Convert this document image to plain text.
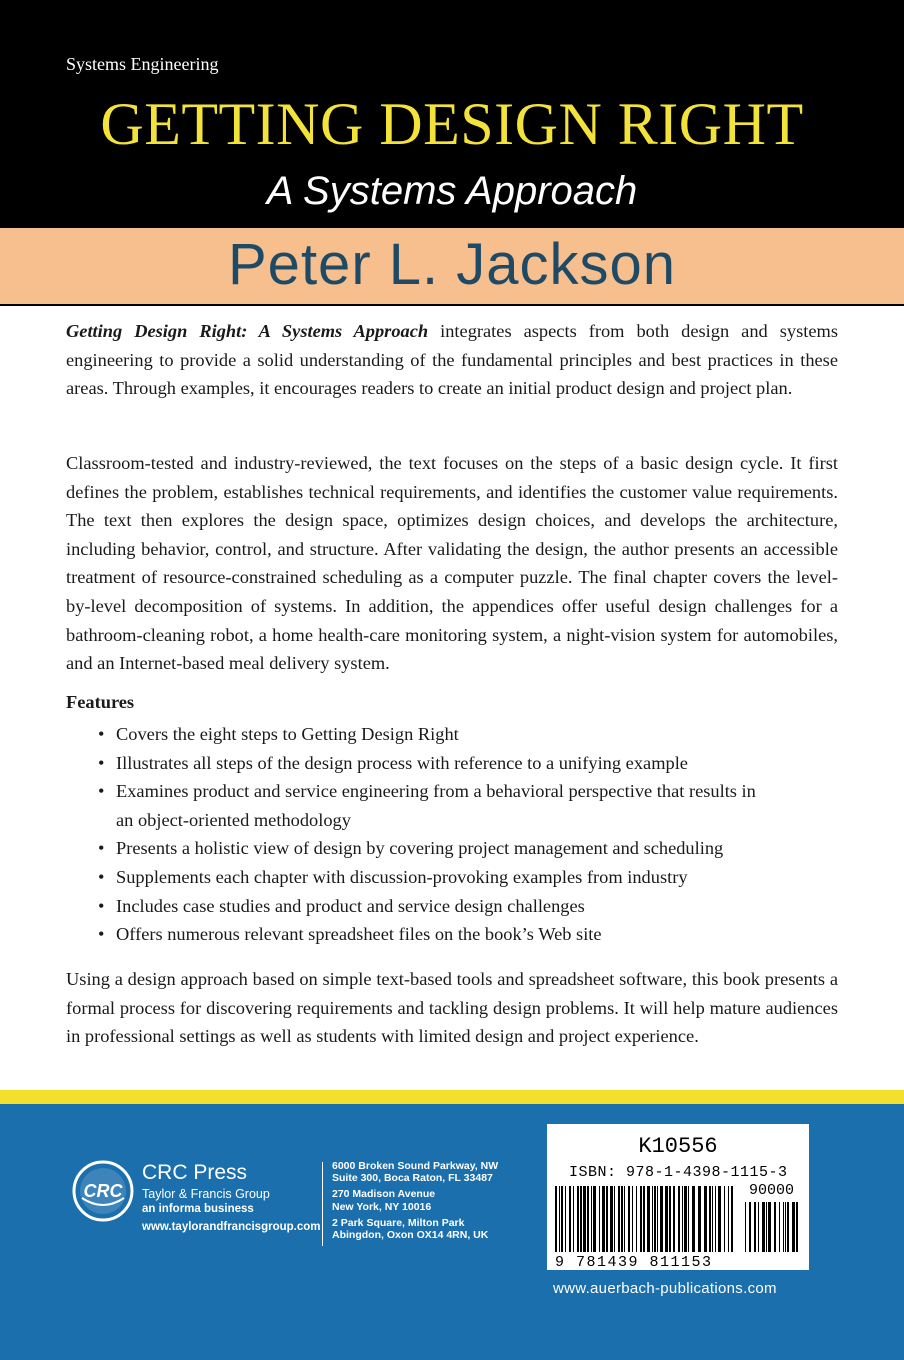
Systems Engineering
GETTING DESIGN RIGHT
A Systems Approach
Peter L. Jackson

Getting Design Right: A Systems Approach integrates aspects from both design and systems engineering to provide a solid understanding of the fundamental principles and best practices in these areas. Through examples, it encourages readers to create an initial product design and project plan.

Classroom-tested and industry-reviewed, the text focuses on the steps of a basic design cycle. It first defines the problem, establishes technical requirements, and identifies the customer value requirements. The text then explores the design space, optimizes design choices, and develops the architecture, including behavior, control, and structure. After validating the design, the author presents an accessible treatment of resource-constrained scheduling as a computer puzzle. The final chapter covers the level-by-level decomposition of systems. In addition, the appendices offer useful design challenges for a bathroom-cleaning robot, a home health-care monitoring system, a night-vision system for automobiles, and an Internet-based meal delivery system.

Features
• Covers the eight steps to Getting Design Right
• Illustrates all steps of the design process with reference to a unifying example
• Examines product and service engineering from a behavioral perspective that results in an object-oriented methodology
• Presents a holistic view of design by covering project management and scheduling
• Supplements each chapter with discussion-provoking examples from industry
• Includes case studies and product and service design challenges
• Offers numerous relevant spreadsheet files on the book’s Web site

Using a design approach based on simple text-based tools and spreadsheet software, this book presents a formal process for discovering requirements and tackling design problems. It will help mature audiences in professional settings as well as students with limited design and project experience.

CRC
CRC Press
Taylor & Francis Group
an informa business
www.taylorandfrancisgroup.com
6000 Broken Sound Parkway, NW
Suite 300, Boca Raton, FL 33487
270 Madison Avenue
New York, NY 10016
2 Park Square, Milton Park
Abingdon, Oxon OX14 4RN, UK
K10556
ISBN: 978-1-4398-1115-3
90000
9 781439 811153
www.auerbach-publications.com
